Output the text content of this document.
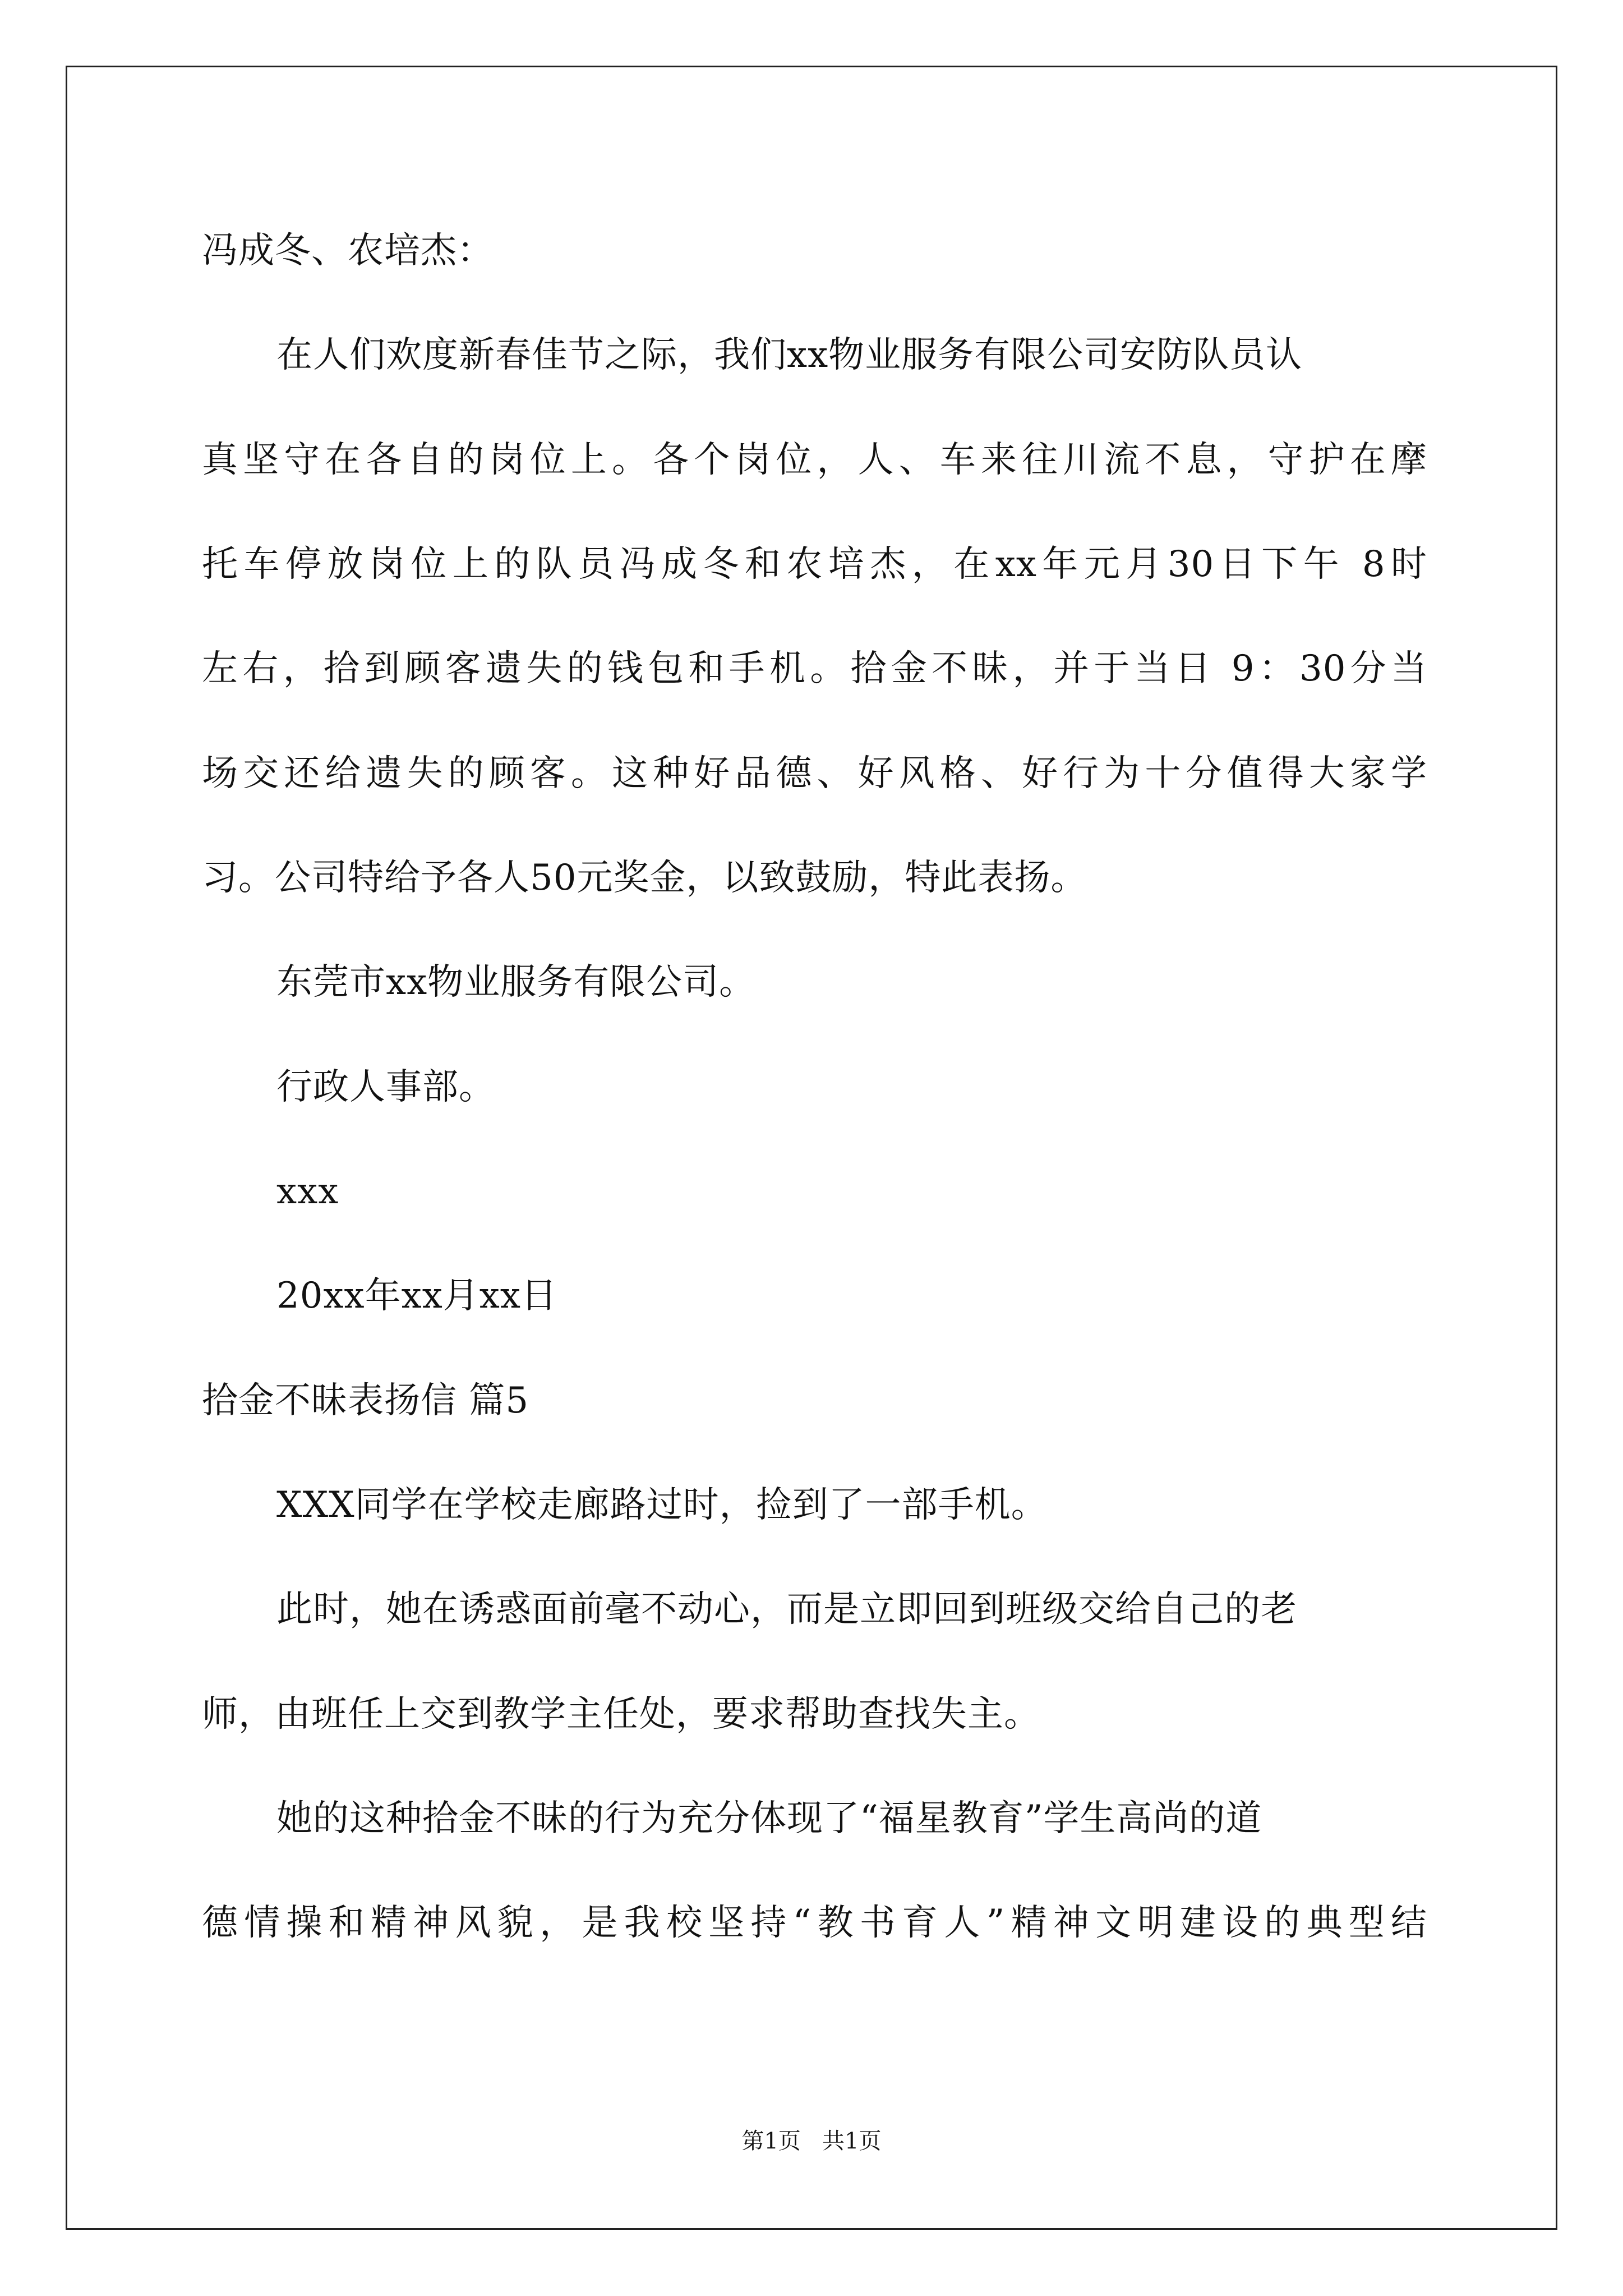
冯成冬、农培杰：
在人们欢度新春佳节之际，我们xx物业服务有限公司安防队员认
真坚守在各自的岗位上。各个岗位，人、车来往川流不息，守护在摩
托车停放岗位上的队员冯成冬和农培杰，在xx年元月30日下午 8时
左右，拾到顾客遗失的钱包和手机。拾金不昧，并于当日 9：30分当
场交还给遗失的顾客。这种好品德、好风格、好行为十分值得大家学
习。公司特给予各人50元奖金，以致鼓励，特此表扬。
东莞市xx物业服务有限公司。
行政人事部。
xxx
20xx年xx月xx日
拾金不昧表扬信 篇5
XXX同学在学校走廊路过时，捡到了一部手机。
此时，她在诱惑面前毫不动心，而是立即回到班级交给自己的老
师，由班任上交到教学主任处，要求帮助查找失主。
她的这种拾金不昧的行为充分体现了“福星教育”学生高尚的道
德情操和精神风貌，是我校坚持“教书育人”精神文明建设的典型结
第1页   共1页
